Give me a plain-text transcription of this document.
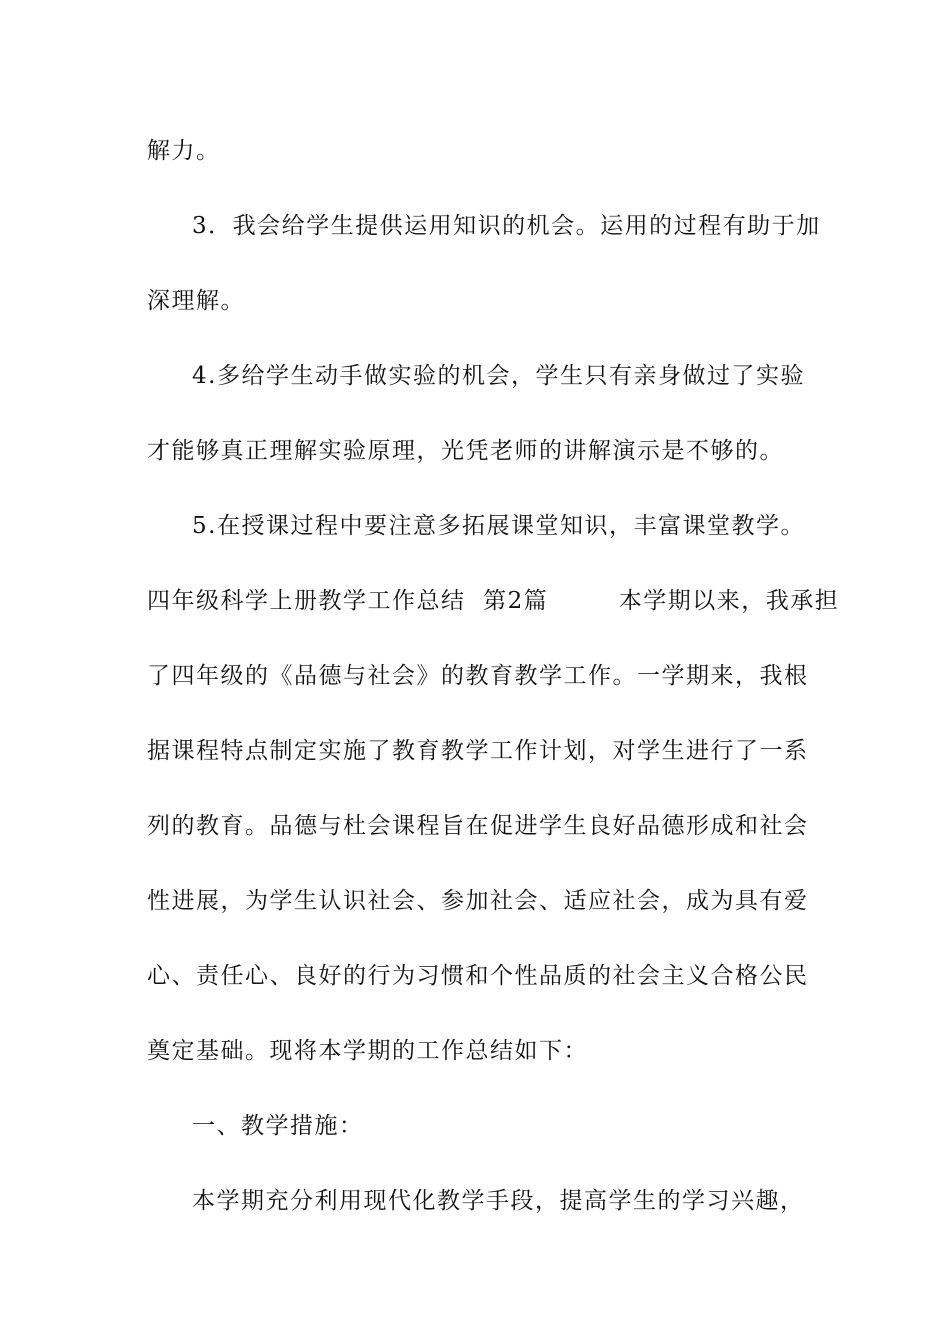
解力。
3．我会给学生提供运用知识的机会。运用的过程有助于加
深理解。
4.多给学生动手做实验的机会，学生只有亲身做过了实验
才能够真正理解实验原理，光凭老师的讲解演示是不够的。
5.在授课过程中要注意多拓展课堂知识，丰富课堂教学。
四年级科学上册教学工作总结  第2篇        本学期以来，我承担
了四年级的《品德与社会》的教育教学工作。一学期来，我根
据课程特点制定实施了教育教学工作计划，对学生进行了一系
列的教育。品德与杜会课程旨在促进学生良好品德形成和社会
性进展，为学生认识社会、参加社会、适应社会，成为具有爱
心、责任心、良好的行为习惯和个性品质的社会主义合格公民
奠定基础。现将本学期的工作总结如下：
一、教学措施：
本学期充分利用现代化教学手段，提高学生的学习兴趣，
